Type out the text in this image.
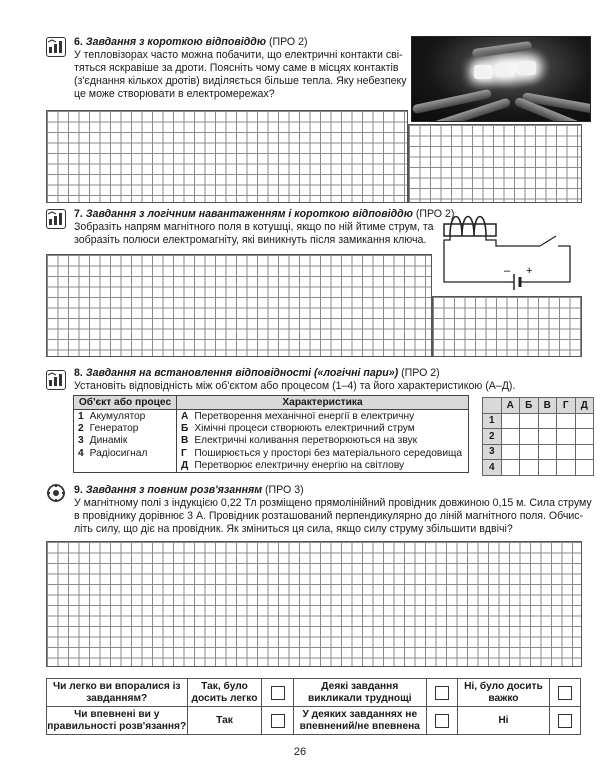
6. Завдання з короткою відповіддю (ПРО 2)
У тепловізорах часто можна побачити, що електричні контакти сві-
тяться яскравіше за дроти. Поясніть чому саме в місцях контактів
(з'єднання кількох дротів) виділяється більше тепла. Яку небезпеку
це може створювати в електромережах?
7. Завдання з логічним навантаженням і короткою відповіддю (ПРО 2)
Зобразіть напрям магнітного поля в котушці, якщо по ній йтиме струм, та
зобразіть полюси електромагніту, які виникнуть після замикання ключа.
– +
8. Завдання на встановлення відповідності («логічні пари») (ПРО 2)
Установіть відповідність між об'єктом або процесом (1–4) та його характеристикою (А–Д).
Об'єкт або процес		Характеристика	
1	Акумулятор	А	Перетворення механічної енергії в електричну
2	Генератор	Б	Хімічні процеси створюють електричний струм
3	Динамік	В	Електричні коливання перетворюються на звук
4	Радіосигнал	Г	Поширюється у просторі без матеріального середовища
		Д	Перетворює електричну енергію на світлову
	А	Б	В	Г	Д
1					
2					
3					
4					
9. Завдання з повним розв'язанням (ПРО 3)
У магнітному полі з індукцією 0,22 Тл розміщено прямолінійний провідник довжиною 0,15 м. Сила струму
в провіднику дорівнює 3 А. Провідник розташований перпендикулярно до ліній магнітного поля. Обчис-
літь силу, що діє на провідник. Як зміниться ця сила, якщо силу струму збільшити вдвічі?
Чи легко ви впоралися із завданням?	Так, було досить легко		Деякі завдання викликали труднощі		Ні, було досить важко	
Чи впевнені ви у правильності розв'язання?	Так		У деяких завданнях не впевнений/не впевнена		Ні	
26
